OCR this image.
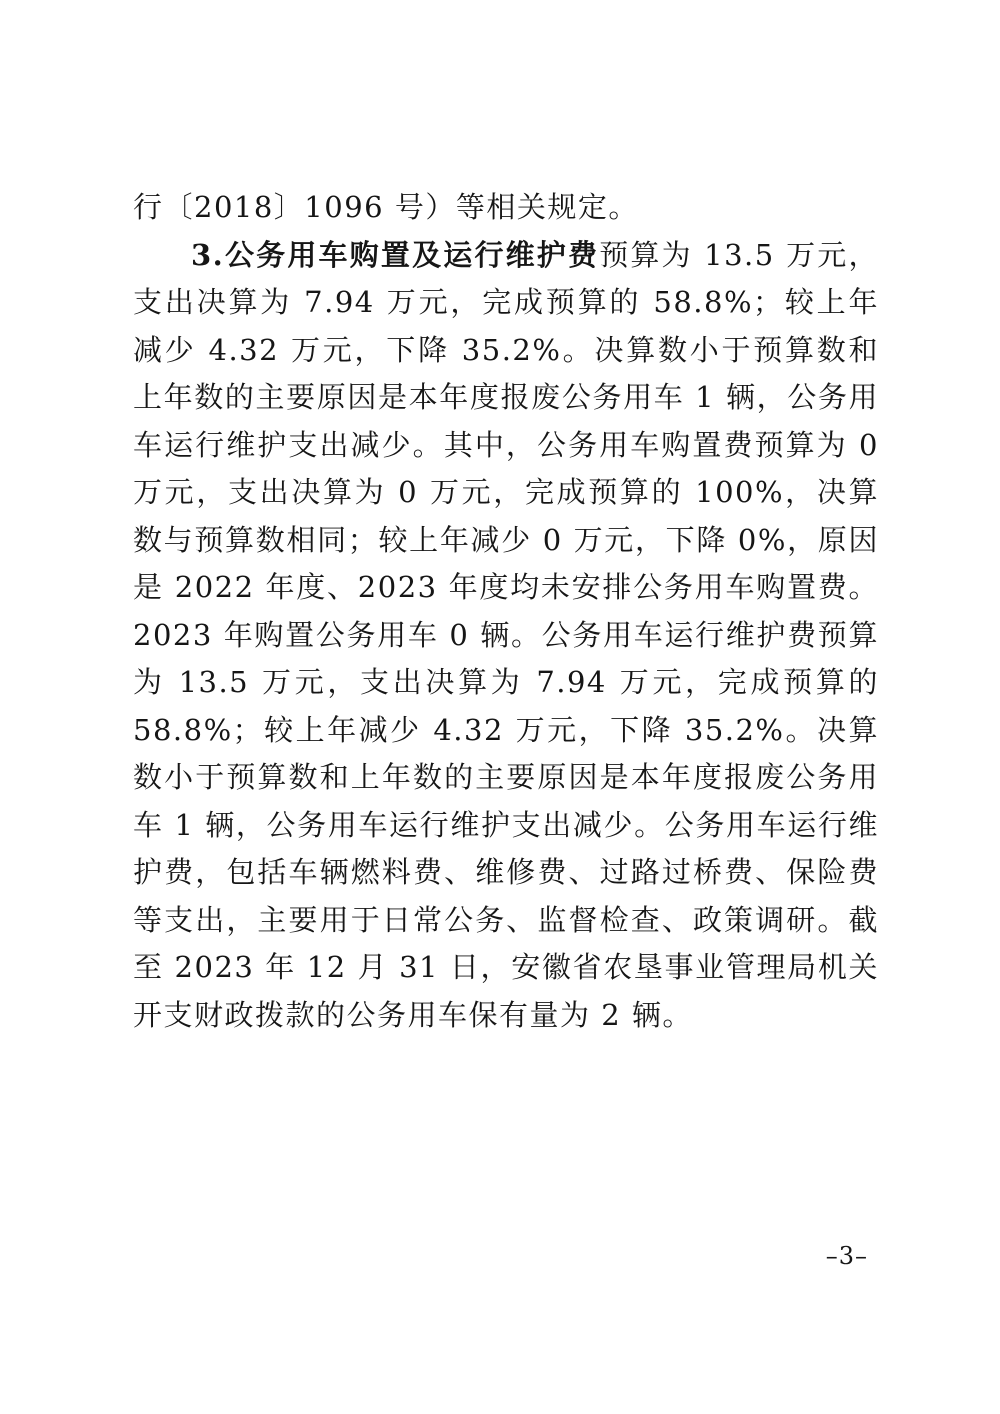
行〔2018〕1096 号）等相关规定。

3.公务用车购置及运行维护费预算为 13.5 万元，支出决算为 7.94 万元，完成预算的 58.8%；较上年减少 4.32 万元，下降 35.2%。决算数小于预算数和上年数的主要原因是本年度报废公务用车 1 辆，公务用车运行维护支出减少。其中，公务用车购置费预算为 0 万元，支出决算为 0 万元，完成预算的 100%，决算数与预算数相同；较上年减少 0 万元，下降 0%，原因是 2022 年度、2023 年度均未安排公务用车购置费。2023 年购置公务用车 0 辆。公务用车运行维护费预算为 13.5 万元，支出决算为 7.94 万元，完成预算的 58.8%；较上年减少 4.32 万元，下降 35.2%。决算数小于预算数和上年数的主要原因是本年度报废公务用车 1 辆，公务用车运行维护支出减少。公务用车运行维护费，包括车辆燃料费、维修费、过路过桥费、保险费等支出，主要用于日常公务、监督检查、政策调研。截至 2023 年 12 月 31 日，安徽省农垦事业管理局机关开支财政拨款的公务用车保有量为 2 辆。

–3–
